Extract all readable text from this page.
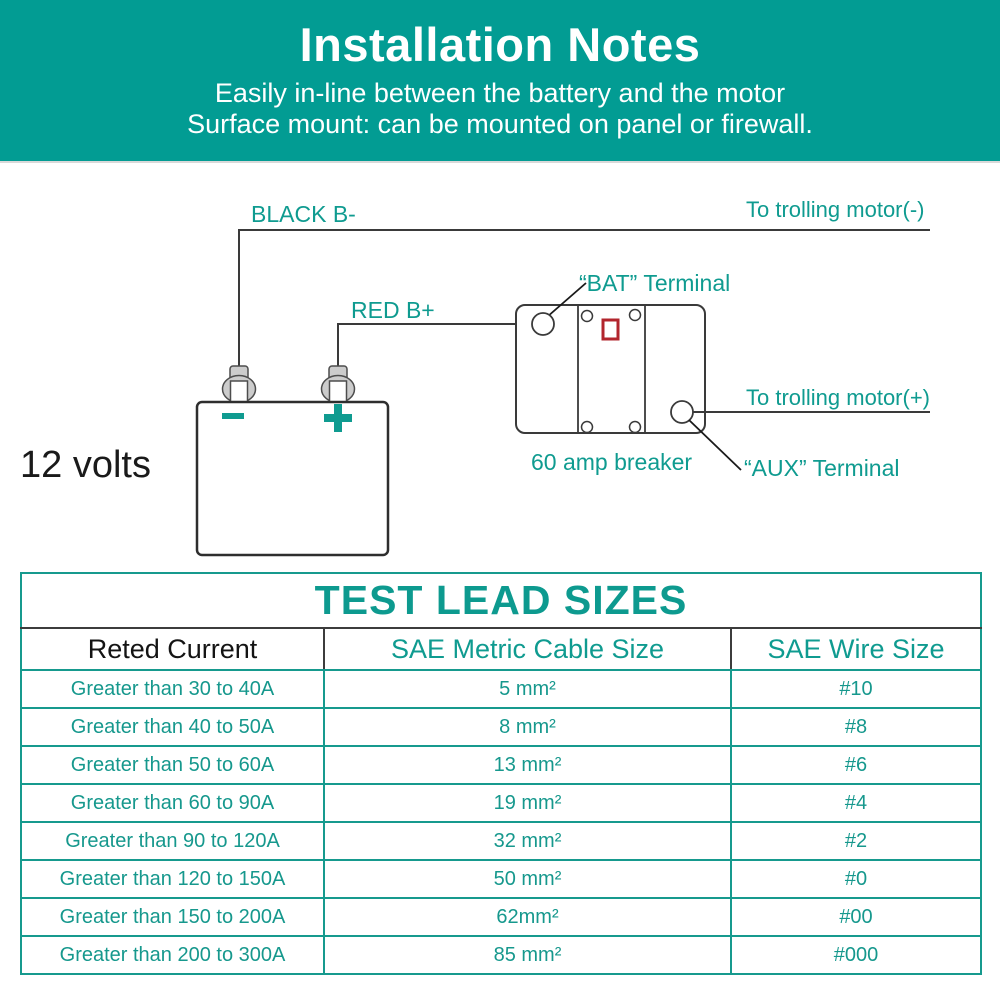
Installation Notes
Easily in-line between the battery and the motor
Surface mount: can be mounted on panel or firewall.
BLACK B-	To trolling motor(-)
RED B+
“BAT” Terminal
To trolling motor(+)
“AUX” Terminal
60 amp breaker
12 volts
TEST LEAD SIZES		
Reted Current	SAE Metric Cable Size	SAE Wire Size
Greater than 30 to 40A	5 mm²	#10
Greater than 40 to 50A	8 mm²	#8
Greater than 50 to 60A	13 mm²	#6
Greater than 60 to 90A	19 mm²	#4
Greater than 90 to 120A	32 mm²	#2
Greater than 120 to 150A	50 mm²	#0
Greater than 150 to 200A	62mm²	#00
Greater than 200 to 300A	85 mm²	#000
